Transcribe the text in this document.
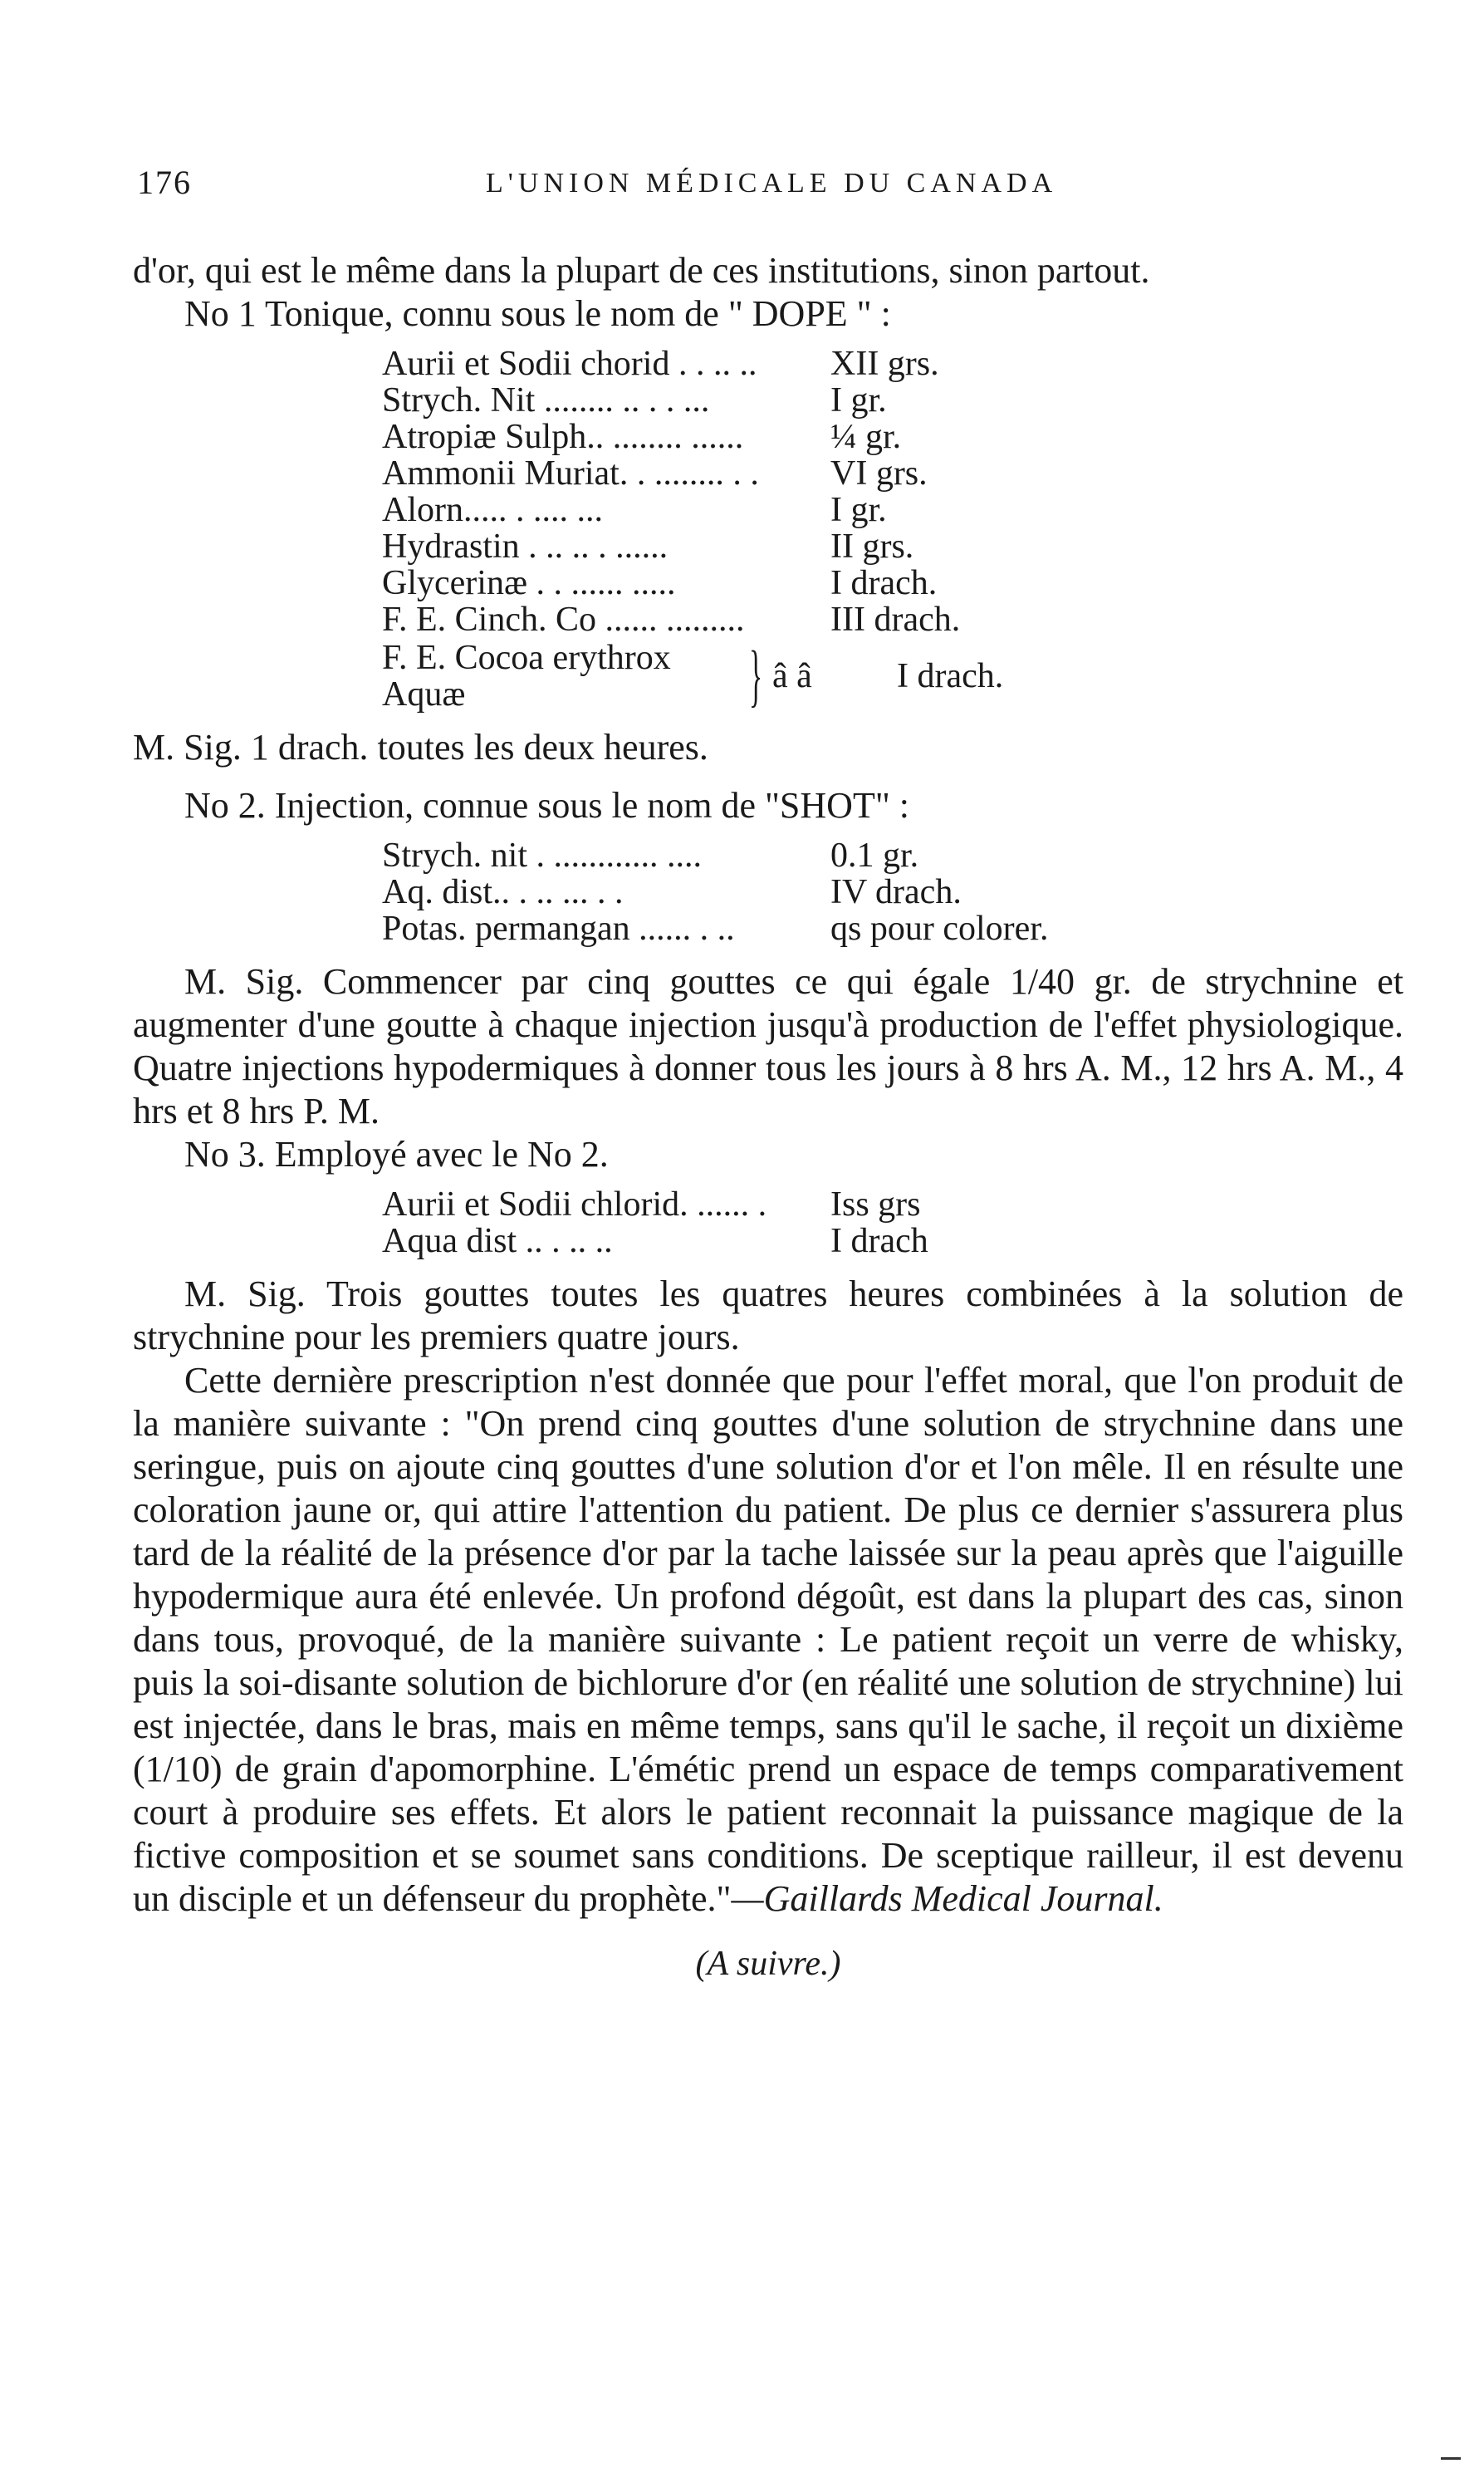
176	L'UNION MÉDICALE DU CANADA

d'or, qui est le même dans la plupart de ces institutions, sinon partout.

No 1 Tonique, connu sous le nom de " DOPE " :

Aurii et Sodii chorid . . .. ..	XII grs.
Strych. Nit ........ .. . . ...	I gr.
Atropiæ Sulph.. ........ ......	¼ gr.
Ammonii Muriat. . ........ . .	VI grs.
Alorn..... . .... ...	I gr.
Hydrastin . .. .. . ......	II grs.
Glycerinæ . . ...... .....	I drach.
F. E. Cinch. Co ...... .........	III drach.
F. E. Cocoa erythrox
Aquæ	} â â	I drach.

M. Sig. 1 drach. toutes les deux heures.

No 2. Injection, connue sous le nom de "SHOT" :

Strych. nit . ............ ....	0.1 gr.
Aq. dist.. . .. ... . .	IV drach.
Potas. permangan ...... . ..	qs pour colorer.

M. Sig. Commencer par cinq gouttes ce qui égale 1/40 gr. de strychnine et augmenter d'une goutte à chaque injection jusqu'à production de l'effet physiologique. Quatre injections hypodermiques à donner tous les jours à 8 hrs A. M., 12 hrs A. M., 4 hrs et 8 hrs P. M.

No 3. Employé avec le No 2.

Aurii et Sodii chlorid. ...... .	Iss grs
Aqua dist .. . .. ..	I drach

M. Sig. Trois gouttes toutes les quatres heures combinées à la solution de strychnine pour les premiers quatre jours.

Cette dernière prescription n'est donnée que pour l'effet moral, que l'on produit de la manière suivante : "On prend cinq gouttes d'une solution de strychnine dans une seringue, puis on ajoute cinq gouttes d'une solution d'or et l'on mêle. Il en résulte une coloration jaune or, qui attire l'attention du patient. De plus ce dernier s'assurera plus tard de la réalité de la présence d'or par la tache laissée sur la peau après que l'aiguille hypodermique aura été enlevée. Un profond dégoût, est dans la plupart des cas, sinon dans tous, provoqué, de la manière suivante : Le patient reçoit un verre de whisky, puis la soi-disante solution de bichlorure d'or (en réalité une solution de strychnine) lui est injectée, dans le bras, mais en même temps, sans qu'il le sache, il reçoit un dixième (1/10) de grain d'apomorphine. L'émétic prend un espace de temps comparativement court à produire ses effets. Et alors le patient reconnait la puissance magique de la fictive composition et se soumet sans conditions. De sceptique railleur, il est devenu un disciple et un défenseur du prophète."—Gaillards Medical Journal.

(A suivre.)
